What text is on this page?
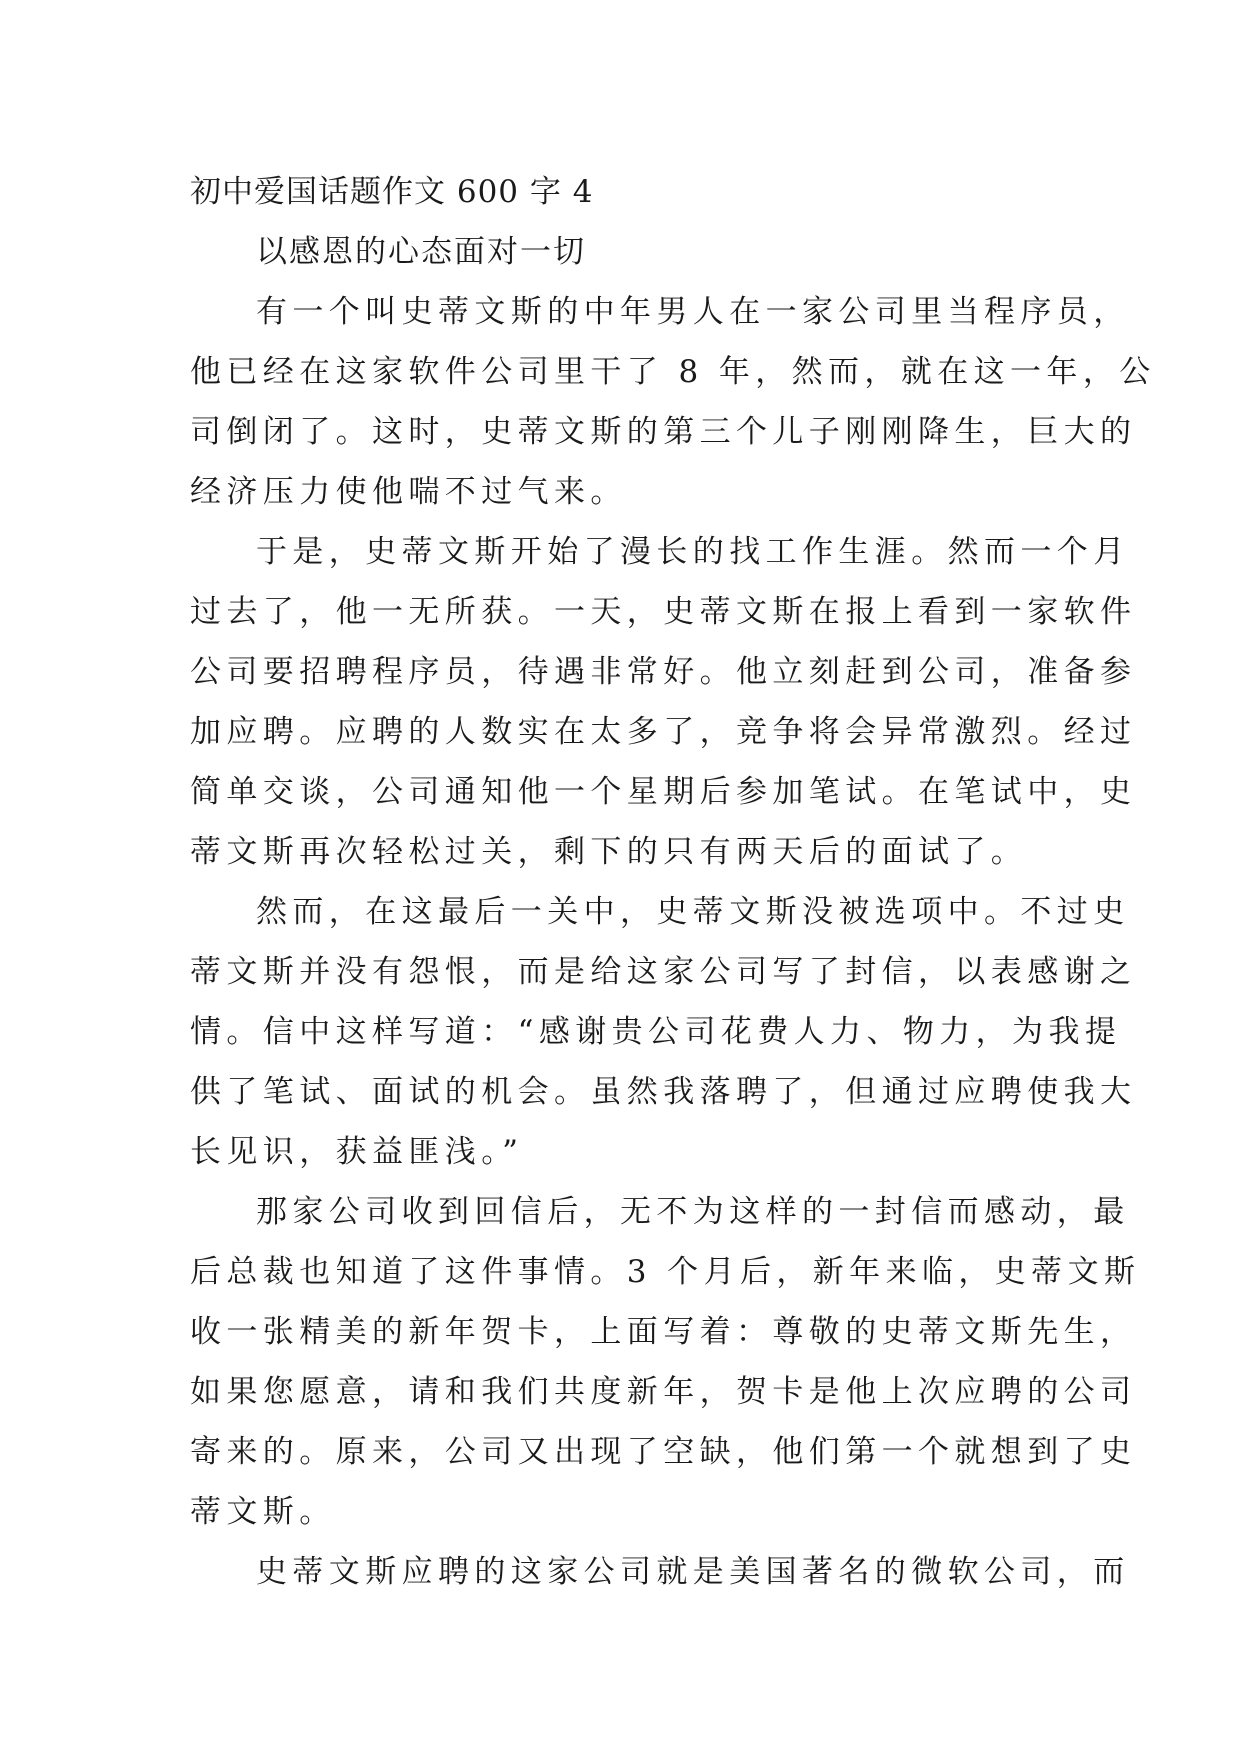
初中爱国话题作文 600 字 4

以感恩的心态面对一切

有一个叫史蒂文斯的中年男人在一家公司里当程序员，

他已经在这家软件公司里干了 8 年，然而，就在这一年，公

司倒闭了。这时，史蒂文斯的第三个儿子刚刚降生，巨大的

经济压力使他喘不过气来。

于是，史蒂文斯开始了漫长的找工作生涯。然而一个月

过去了，他一无所获。一天，史蒂文斯在报上看到一家软件

公司要招聘程序员，待遇非常好。他立刻赶到公司，准备参

加应聘。应聘的人数实在太多了，竞争将会异常激烈。经过

简单交谈，公司通知他一个星期后参加笔试。在笔试中，史

蒂文斯再次轻松过关，剩下的只有两天后的面试了。

然而，在这最后一关中，史蒂文斯没被选项中。不过史

蒂文斯并没有怨恨，而是给这家公司写了封信，以表感谢之

情。信中这样写道：“感谢贵公司花费人力、物力，为我提

供了笔试、面试的机会。虽然我落聘了，但通过应聘使我大

长见识，获益匪浅。”

那家公司收到回信后，无不为这样的一封信而感动，最

后总裁也知道了这件事情。3 个月后，新年来临，史蒂文斯

收一张精美的新年贺卡，上面写着：尊敬的史蒂文斯先生，

如果您愿意，请和我们共度新年，贺卡是他上次应聘的公司

寄来的。原来，公司又出现了空缺，他们第一个就想到了史

蒂文斯。

史蒂文斯应聘的这家公司就是美国著名的微软公司，而
